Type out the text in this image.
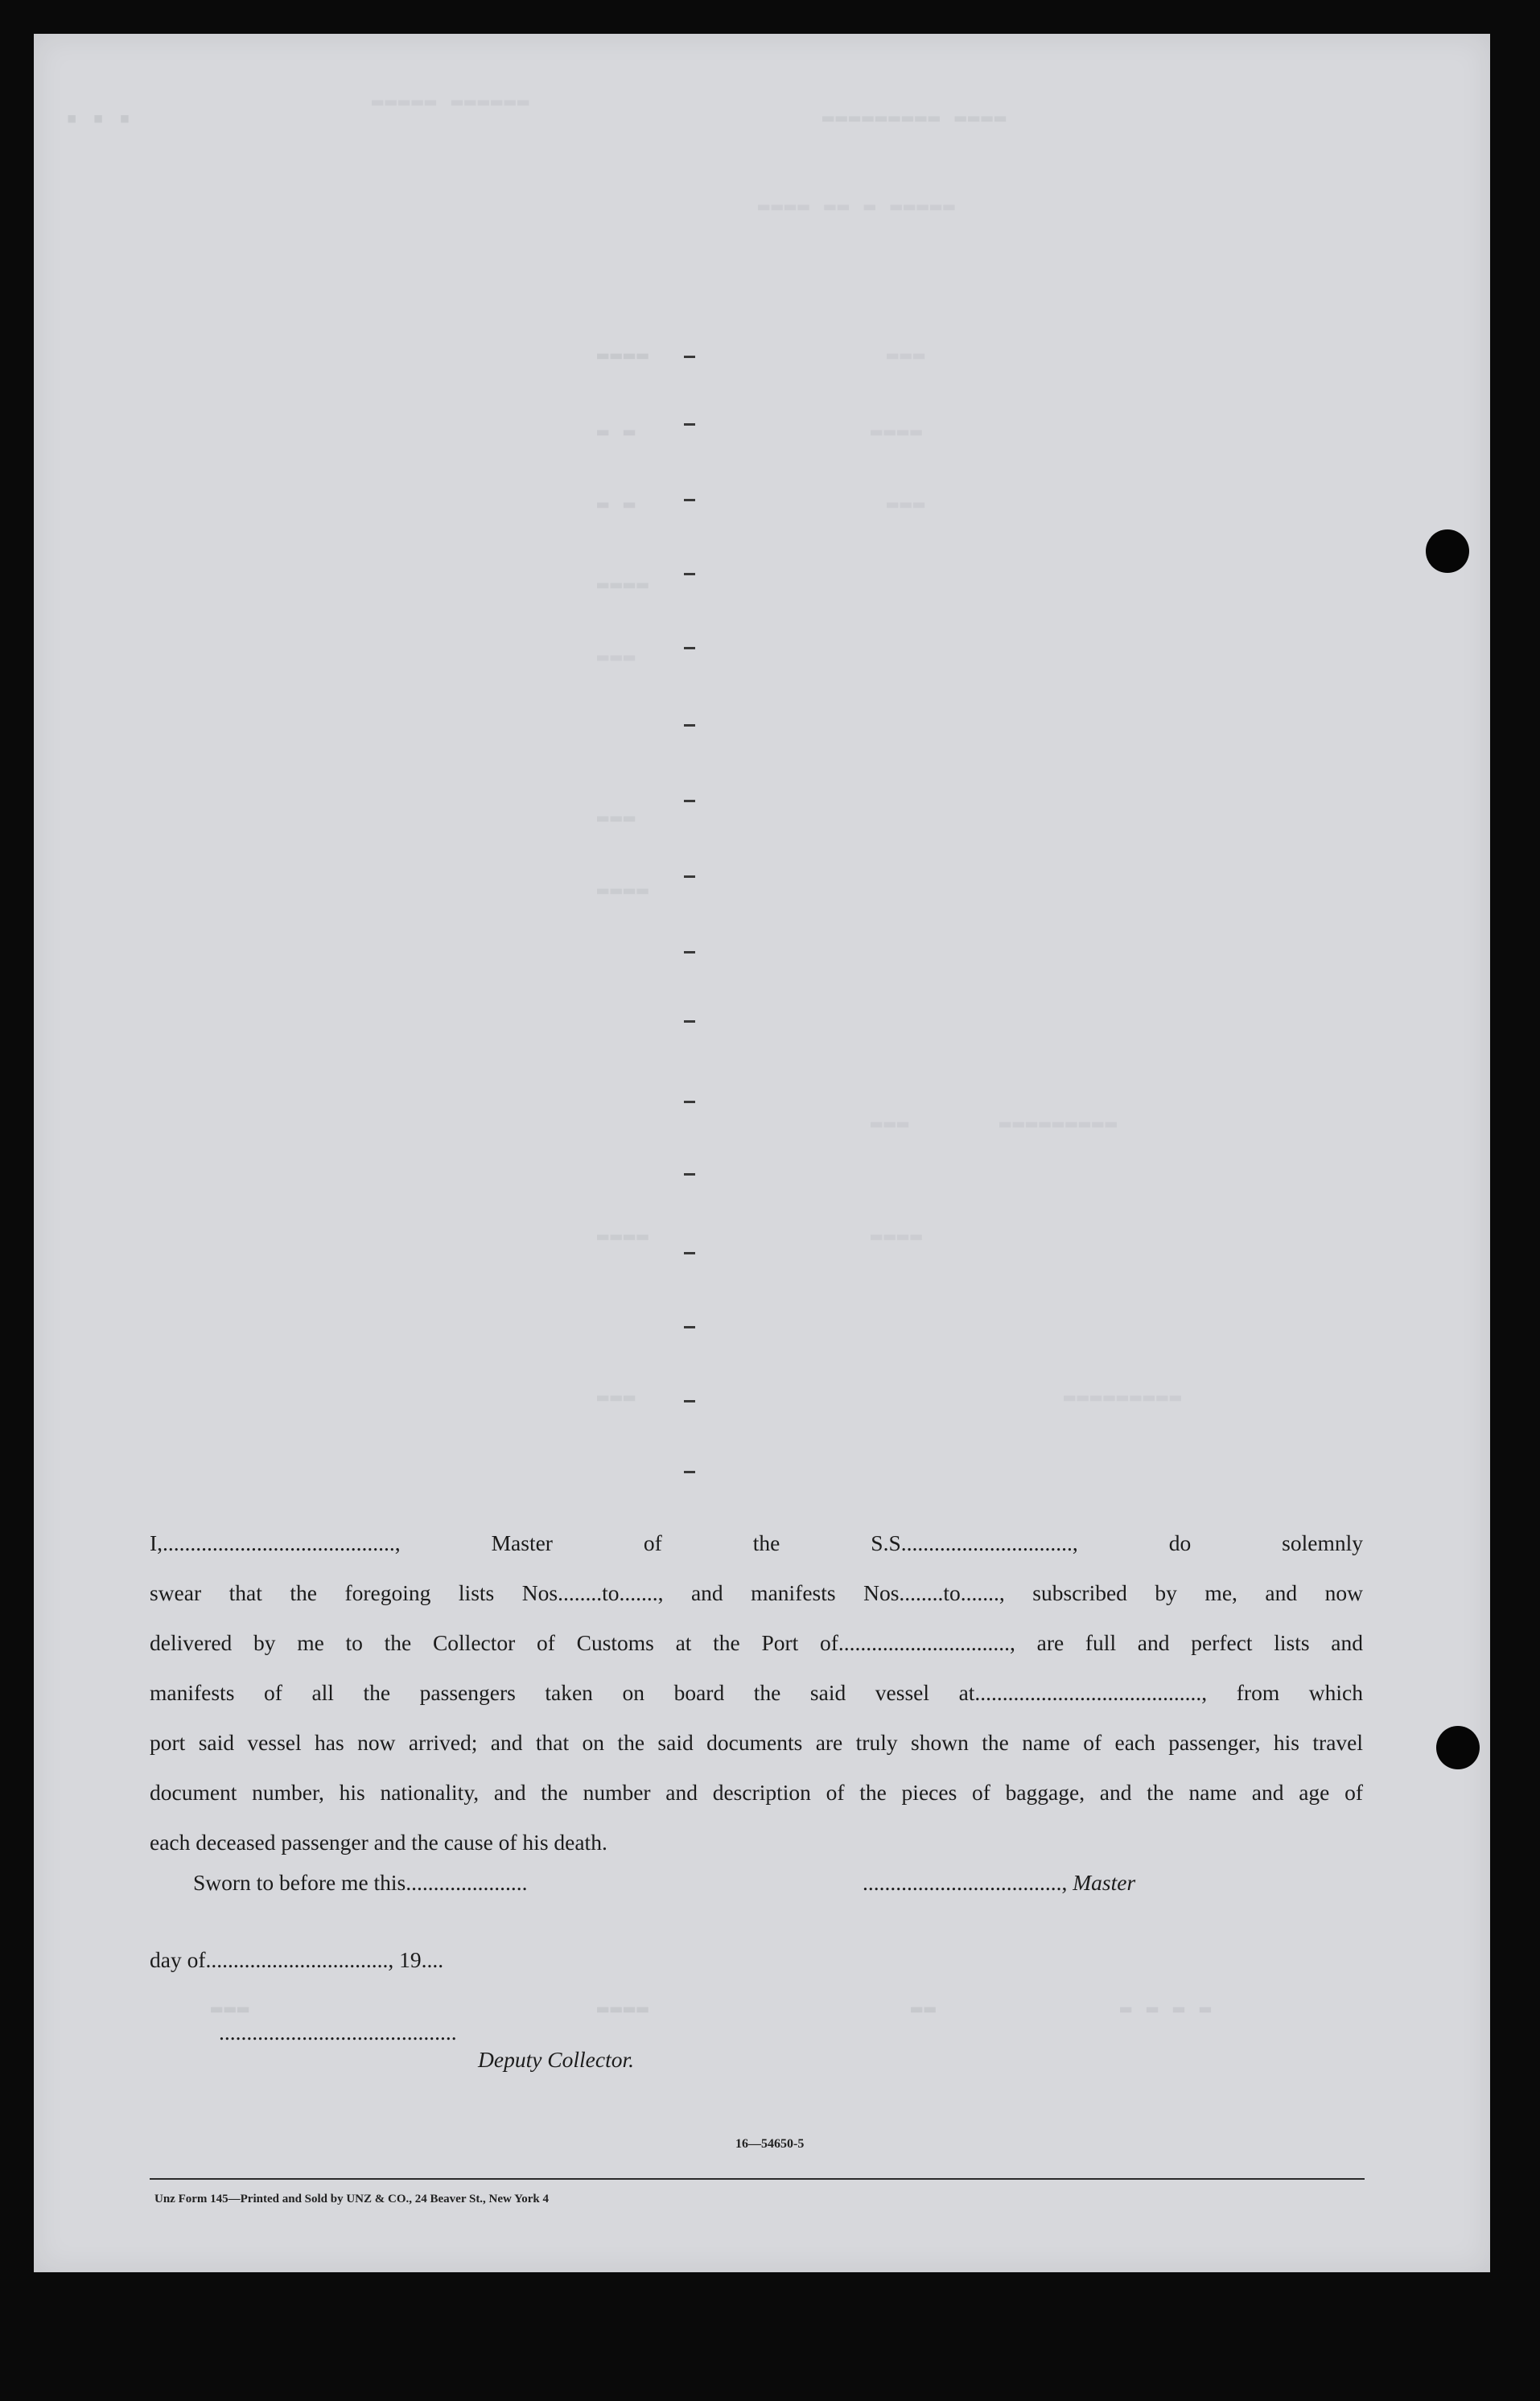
▪ ▪ ▪
▬▬▬▬▬ ▬▬▬▬▬▬
▬▬▬▬▬▬▬▬▬ ▬▬▬▬
▬▬▬▬ ▬▬ ▬ ▬▬▬▬▬
▬▬▬▬	▬▬▬
▬ ▬	▬▬▬▬
▬ ▬	▬▬▬
▬▬▬▬
▬▬▬
▬▬▬
▬▬▬▬
▬▬▬▬▬▬▬▬▬
▬▬▬
▬▬▬▬	▬▬▬▬
▬▬▬	▬▬▬▬▬▬▬▬▬
▬▬▬	▬▬▬▬	▬▬	▬ ▬ ▬ ▬

I,.........................................., Master of the S.S..............................., do solemnly

swear that the foregoing lists Nos........to......., and manifests Nos........to......., subscribed by me, and now

delivered by me to the Collector of Customs at the Port of..............................., are full and perfect lists and

manifests of all the passengers taken on board the said vessel at........................................., from which

port said vessel has now arrived; and that on the said documents are truly shown the name of each passenger, his travel

document number, his nationality, and the number and description of the pieces of baggage, and the name and age of

each deceased passenger and the cause of his death.

Sworn to before me this......................	...................................., Master
day of................................., 19....
...........................................
Deputy Collector.
16—54650-5
Unz Form 145—Printed and Sold by UNZ & CO., 24 Beaver St., New York 4
